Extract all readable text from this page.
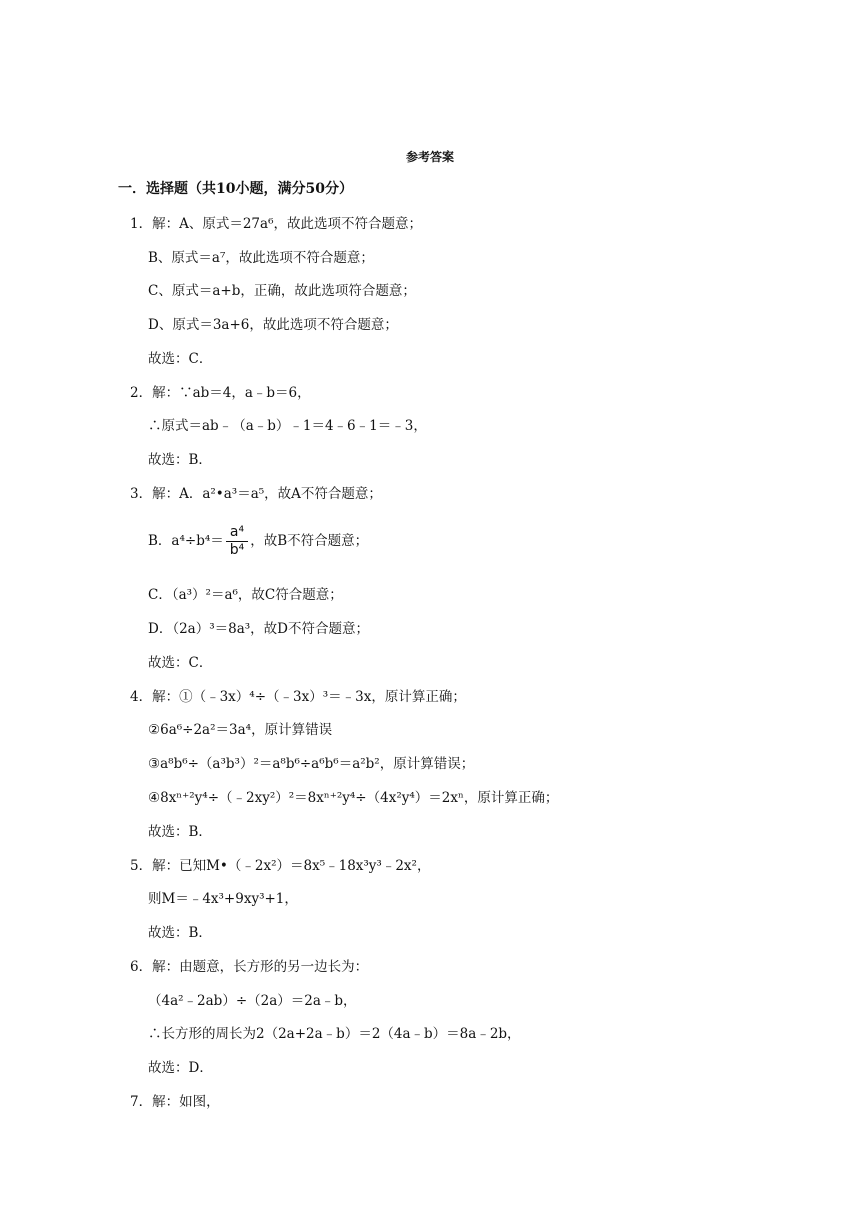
参考答案
一．选择题（共10小题，满分50分）
1．解：A、原式＝27a⁶，故此选项不符合题意；
B、原式＝a⁷，故此选项不符合题意；
C、原式＝a+b，正确，故此选项符合题意；
D、原式＝3a+6，故此选项不符合题意；
故选：C．
2．解：∵ab＝4，a﹣b＝6，
∴原式＝ab﹣（a﹣b）﹣1＝4﹣6﹣1＝﹣3，
故选：B．
3．解：A．a²•a³＝a⁵，故A不符合题意；
B．$a^4\div b^4= \frac{\text{a⁴}}{\text{b⁴}}$ ，故B不符合题意；
C．（a³）²＝a⁶，故C符合题意；
D．（2a）³＝8a³，故D不符合题意；
故选：C．
4．解：①（﹣3x）⁴÷（﹣3x）³＝﹣3x，原计算正确；
②6a⁶÷2a²＝3a⁴，原计算错误
③a⁸b⁶÷（a³b³）²＝a⁸b⁶÷a⁶b⁶＝a²b²，原计算错误；
④8xⁿ⁺²y⁴÷（﹣2xy²）²＝8xⁿ⁺²y⁴÷（4x²y⁴）＝2xⁿ，原计算正确；
故选：B．
5．解：已知M•（﹣2x²）＝8x⁵﹣18x³y³﹣2x²，
则M＝﹣4x³+9xy³+1，
故选：B．
6．解：由题意，长方形的另一边长为：
（4a²﹣2ab）÷（2a）＝2a﹣b，
∴长方形的周长为2（2a+2a﹣b）＝2（4a﹣b）＝8a﹣2b，
故选：D．
7．解：如图，
